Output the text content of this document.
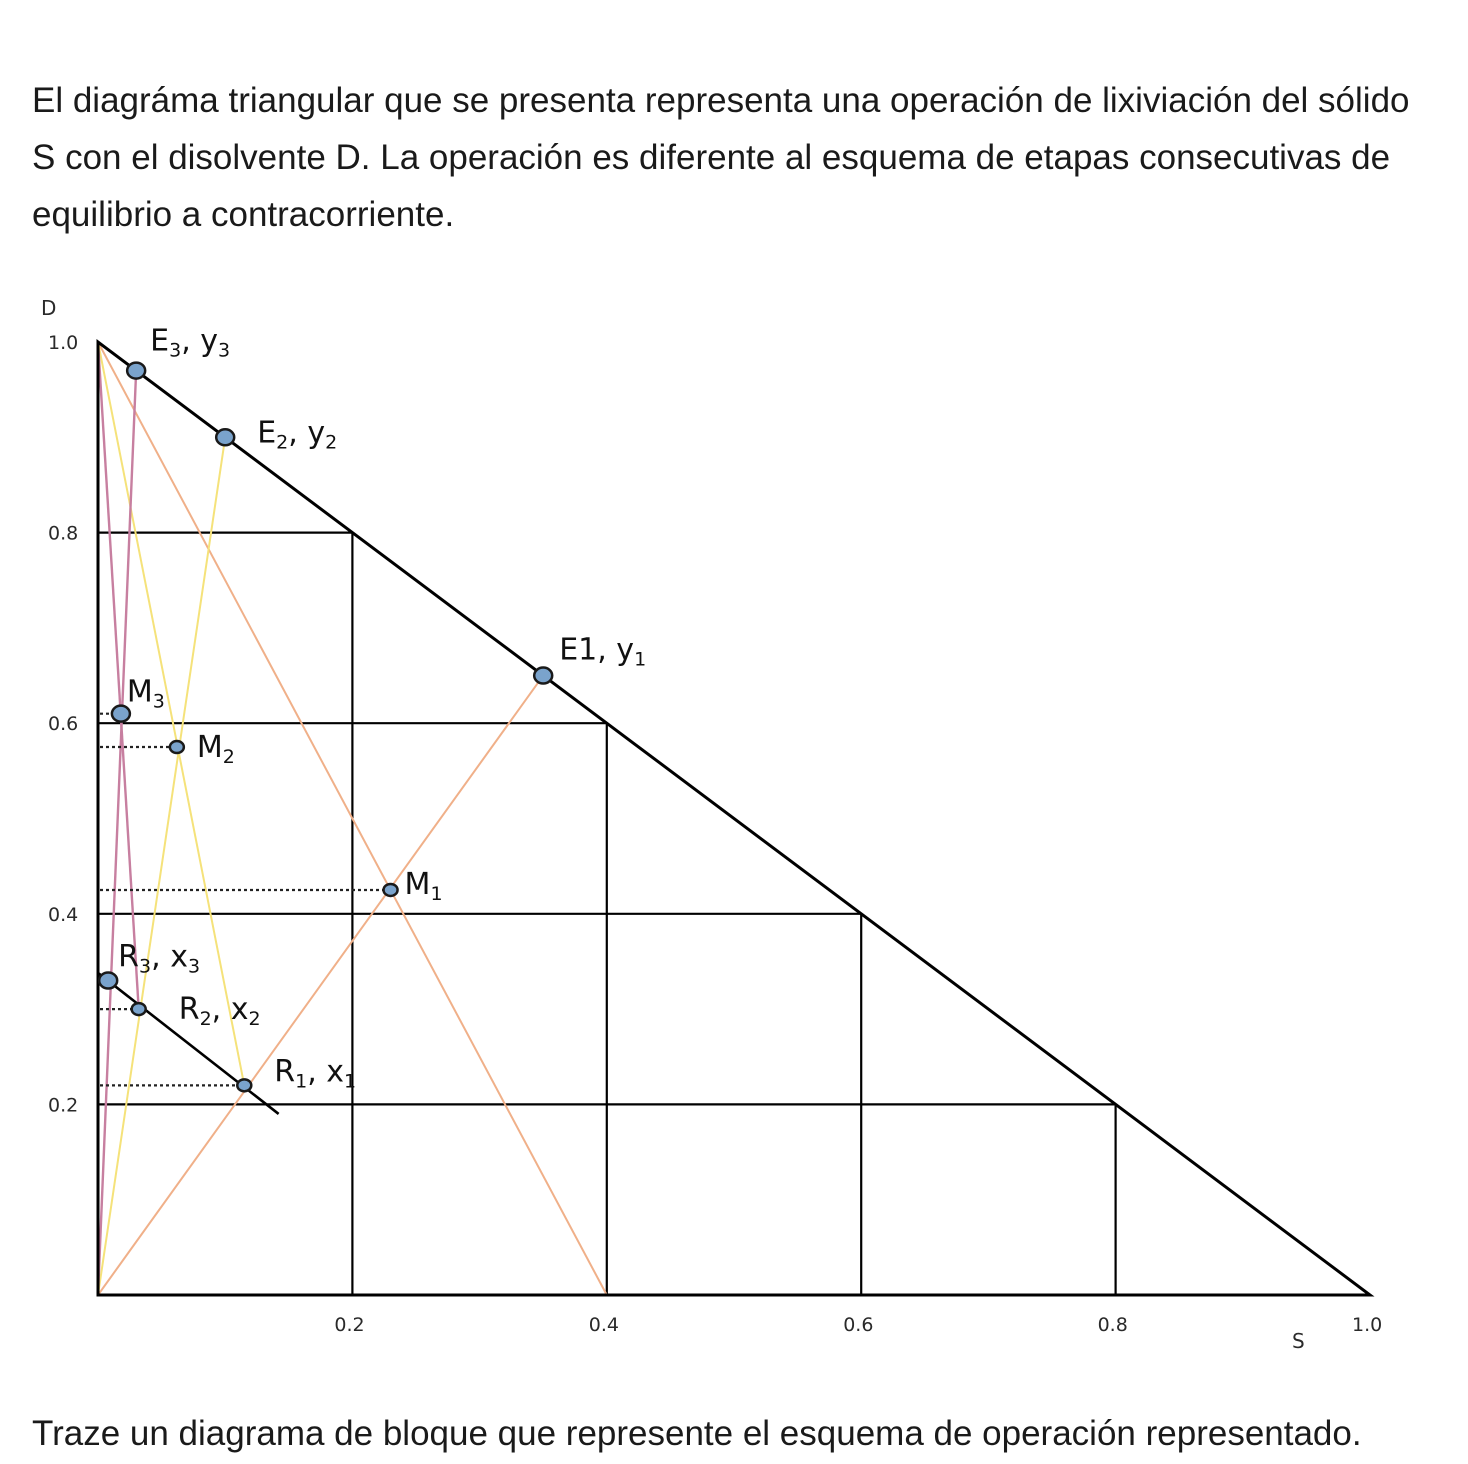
El diagráma triangular que se presenta representa una operación de lixiviación del sólido S con el disolvente D. La operación es diferente al esquema de etapas consecutivas de equilibrio a contracorriente.

$E_3$, $y_3$
$E_2$, $y_2$
E1, $y_1$
$M_3$
$M_2$
$M_1$
$R_3$, $x_3$
$R_2$, $x_2$
$R_1$, $x_1$
1.0
0.8
0.6
0.4
0.2
0.2	0.4	0.6	0.8	1.0
D
S

Traze un diagrama de bloque que represente el esquema de operación representado.
